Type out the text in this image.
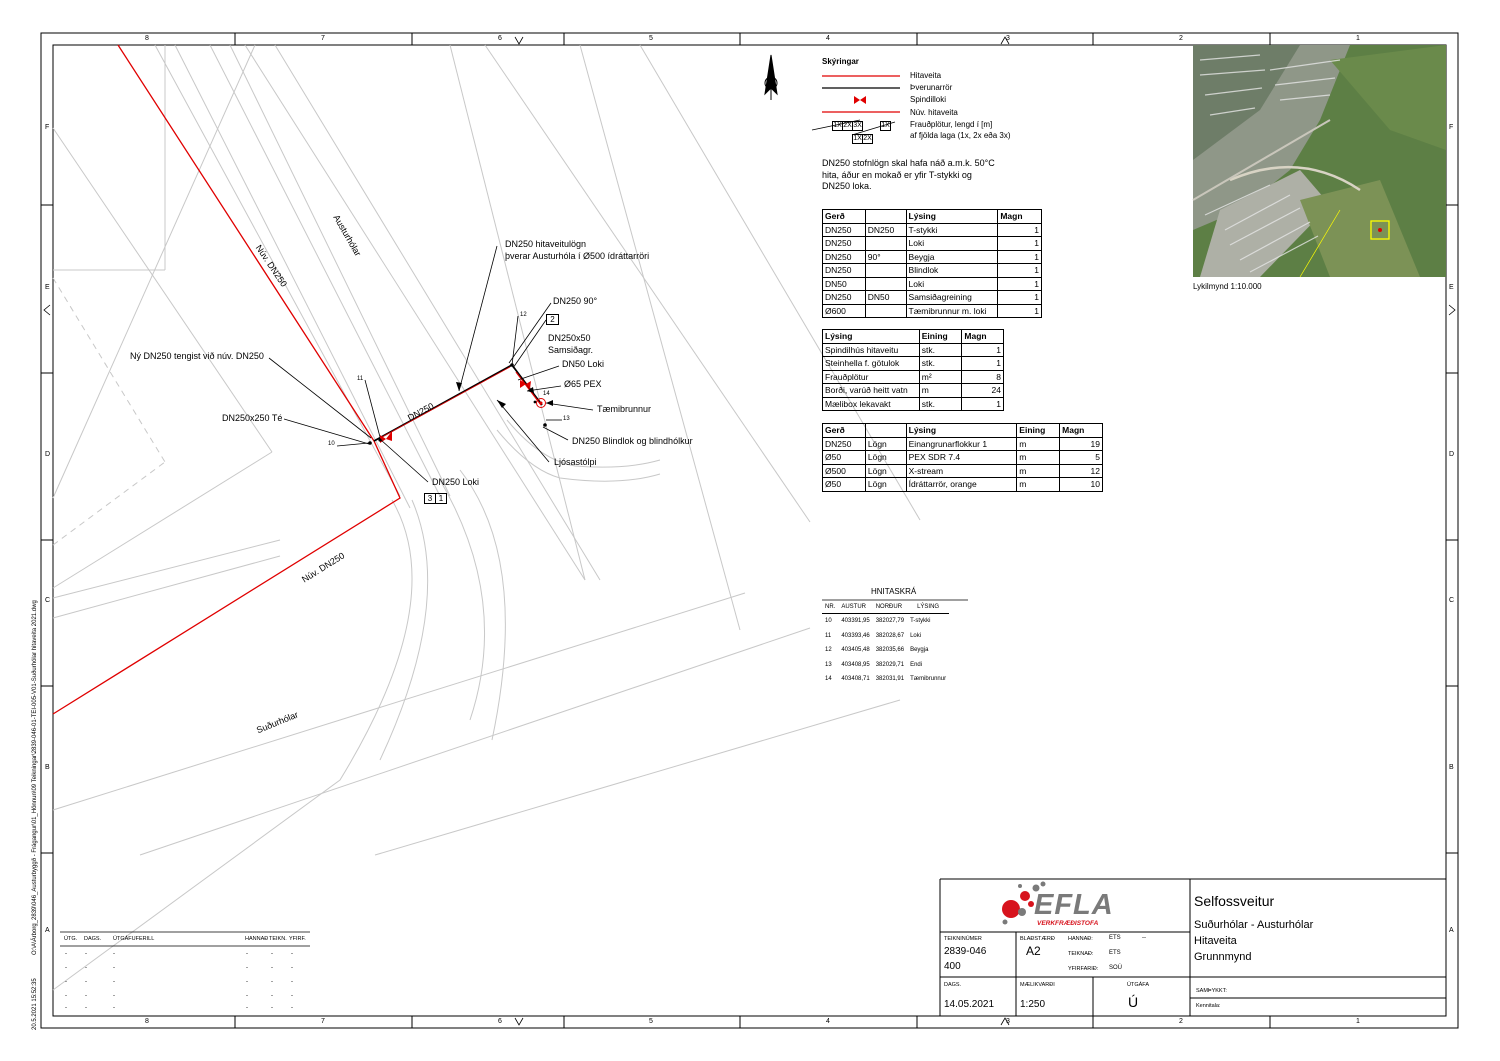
8	7	6	5	4	3	2	1
8	7	6	5	4	3	2	1
F
E
D
C
B
A
F
E
D
C
B
A
20.5.2021 15:52:35
O:\A\Árborg_2839\046_Austurbyggð - Frágangur\01_Hönnun\09 Teikningar\2839-046-01-TEI-005-V01-Suðurhólar hitaveita 2021.dwg
Austurhólar
Núv. DN250
Núv. DN250
Suðurhólar
DN250
DN250 hitaveitulögn
þverar Austurhóla í Ø500 ídráttarröri
DN250 90°
12	2
DN250x50
Samsiðagr.
DN50 Loki
Ø65 PEX
14
Tæmibrunnur
13
DN250 Blindlok og blindhólkur
Ljósastólpi
Ný DN250 tengist við núv. DN250
11
DN250x250 Té
10
DN250 Loki
3 1
Skýringar
Hitaveita
Þverunarrör
Spindilloki
Núv. hitaveita
Frauðplötur, lengd í [m]
af fjölda laga (1x, 2x eða 3x)
1X 2X 3X	1X
1X 2X
DN250 stofnlögn skal hafa náð a.m.k. 50°C
hita, áður en mokað er yfir T-stykki og
DN250 loka.
Gerð		Lýsing	Magn
DN250	DN250	T-stykki	1
DN250		Loki	1
DN250	90°	Beygja	1
DN250		Blindlok	1
DN50		Loki	1
DN250	DN50	Samsiðagreining	1
Ø600		Tæmibrunnur m. loki	1
Lýsing	Eining	Magn
Spindilhús hitaveitu	stk.	1
Steinhella f. götulok	stk.	1
Frauðplötur	m²	8
Borði, varúð heitt vatn	m	24
Mælibox lekavakt	stk.	1
Gerð		Lýsing	Eining	Magn
DN250	Lögn	Einangrunarflokkur 1	m	19
Ø50	Lögn	PEX SDR 7.4	m	5
Ø500	Lögn	X-stream	m	12
Ø50	Lögn	Ídráttarrör, orange	m	10
HNITASKRÁ
NR.	AUSTUR	NORÐUR	LÝSING
10	403391,95	382027,79	T-stykki
11	403393,46	382028,67	Loki
12	403405,48	382035,66	Beygja
13	403408,95	382029,71	Endi
14	403408,71	382031,91	Tæmibrunnur
Lykilmynd 1:10.000
ÚTG. DAGS. ÚTGÁFUFERILL	HANNAÐ TEIKN. YFIRF.
-	-	-	-	-	-
-	-	-	-	-	-
-	-	-	-	-	-
-	-	-	-	-	-
-	-	-	-	-	-
EFLA
VERKFRÆÐISTOFA
Selfossveitur
Suðurhólar - Austurhólar
Hitaveita
Grunnmynd
TEIKNINÚMER
2839-046
400
BLAÐSTÆRÐ
A2
HANNAÐ:	ETS	--
TEIKNAÐ:	ETS
YFIRFARIÐ: SOÚ
DAGS.
14.05.2021
MÆLIKVARÐI
1:250
ÚTGÁFA
Ú
SAMÞYKKT:
Kennitala:
